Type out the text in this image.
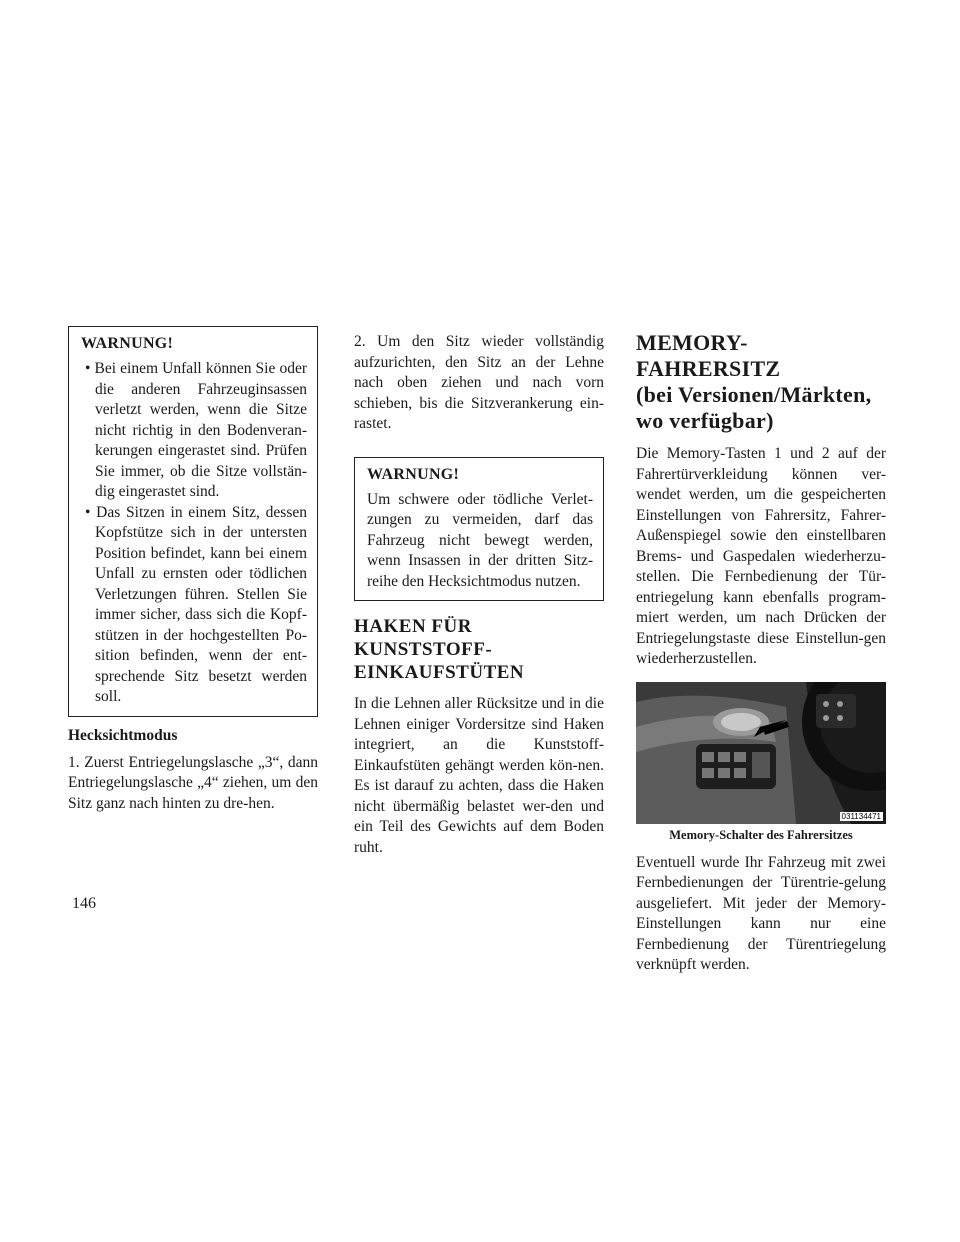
WARNUNG!
• Bei einem Unfall können Sie oder die anderen Fahrzeuginsassen verletzt werden, wenn die Sitze nicht richtig in den Bodenveran-kerungen eingerastet sind. Prüfen Sie immer, ob die Sitze vollstän-dig eingerastet sind.
• Das Sitzen in einem Sitz, dessen Kopfstütze sich in der untersten Position befindet, kann bei einem Unfall zu ernsten oder tödlichen Verletzungen führen. Stellen Sie immer sicher, dass sich die Kopf-stützen in der hochgestellten Po-sition befinden, wenn der ent-sprechende Sitz besetzt werden soll.
Hecksichtmodus

1. Zuerst Entriegelungslasche „3“, dann Entriegelungslasche „4“ ziehen, um den Sitz ganz nach hinten zu dre-hen.

2. Um den Sitz wieder vollständig aufzurichten, den Sitz an der Lehne nach oben ziehen und nach vorn schieben, bis die Sitzverankerung ein-rastet.

WARNUNG!

Um schwere oder tödliche Verlet-zungen zu vermeiden, darf das Fahrzeug nicht bewegt werden, wenn Insassen in der dritten Sitz-reihe den Hecksichtmodus nutzen.

HAKEN FÜR KUNSTSTOFF-EINKAUFSTÜTEN

In die Lehnen aller Rücksitze und in die Lehnen einiger Vordersitze sind Haken integriert, an die Kunststoff-Einkaufstüten gehängt werden kön-nen. Es ist darauf zu achten, dass die Haken nicht übermäßig belastet wer-den und ein Teil des Gewichts auf dem Boden ruht.

MEMORY-FAHRERSITZ
(bei Versionen/Märkten,
wo verfügbar)

Die Memory-Tasten 1 und 2 auf der Fahrertürverkleidung können ver-wendet werden, um die gespeicherten Einstellungen von Fahrersitz, Fahrer-Außenspiegel sowie den einstellbaren Brems- und Gaspedalen wiederherzu-stellen. Die Fernbedienung der Tür-entriegelung kann ebenfalls program-miert werden, um nach Drücken der Entriegelungstaste diese Einstellun-gen wiederherzustellen.

031134471
Memory-Schalter des Fahrersitzes

Eventuell wurde Ihr Fahrzeug mit zwei Fernbedienungen der Türentrie-gelung ausgeliefert. Mit jeder der Memory-Einstellungen kann nur eine Fernbedienung der Türentriegelung verknüpft werden.

146
